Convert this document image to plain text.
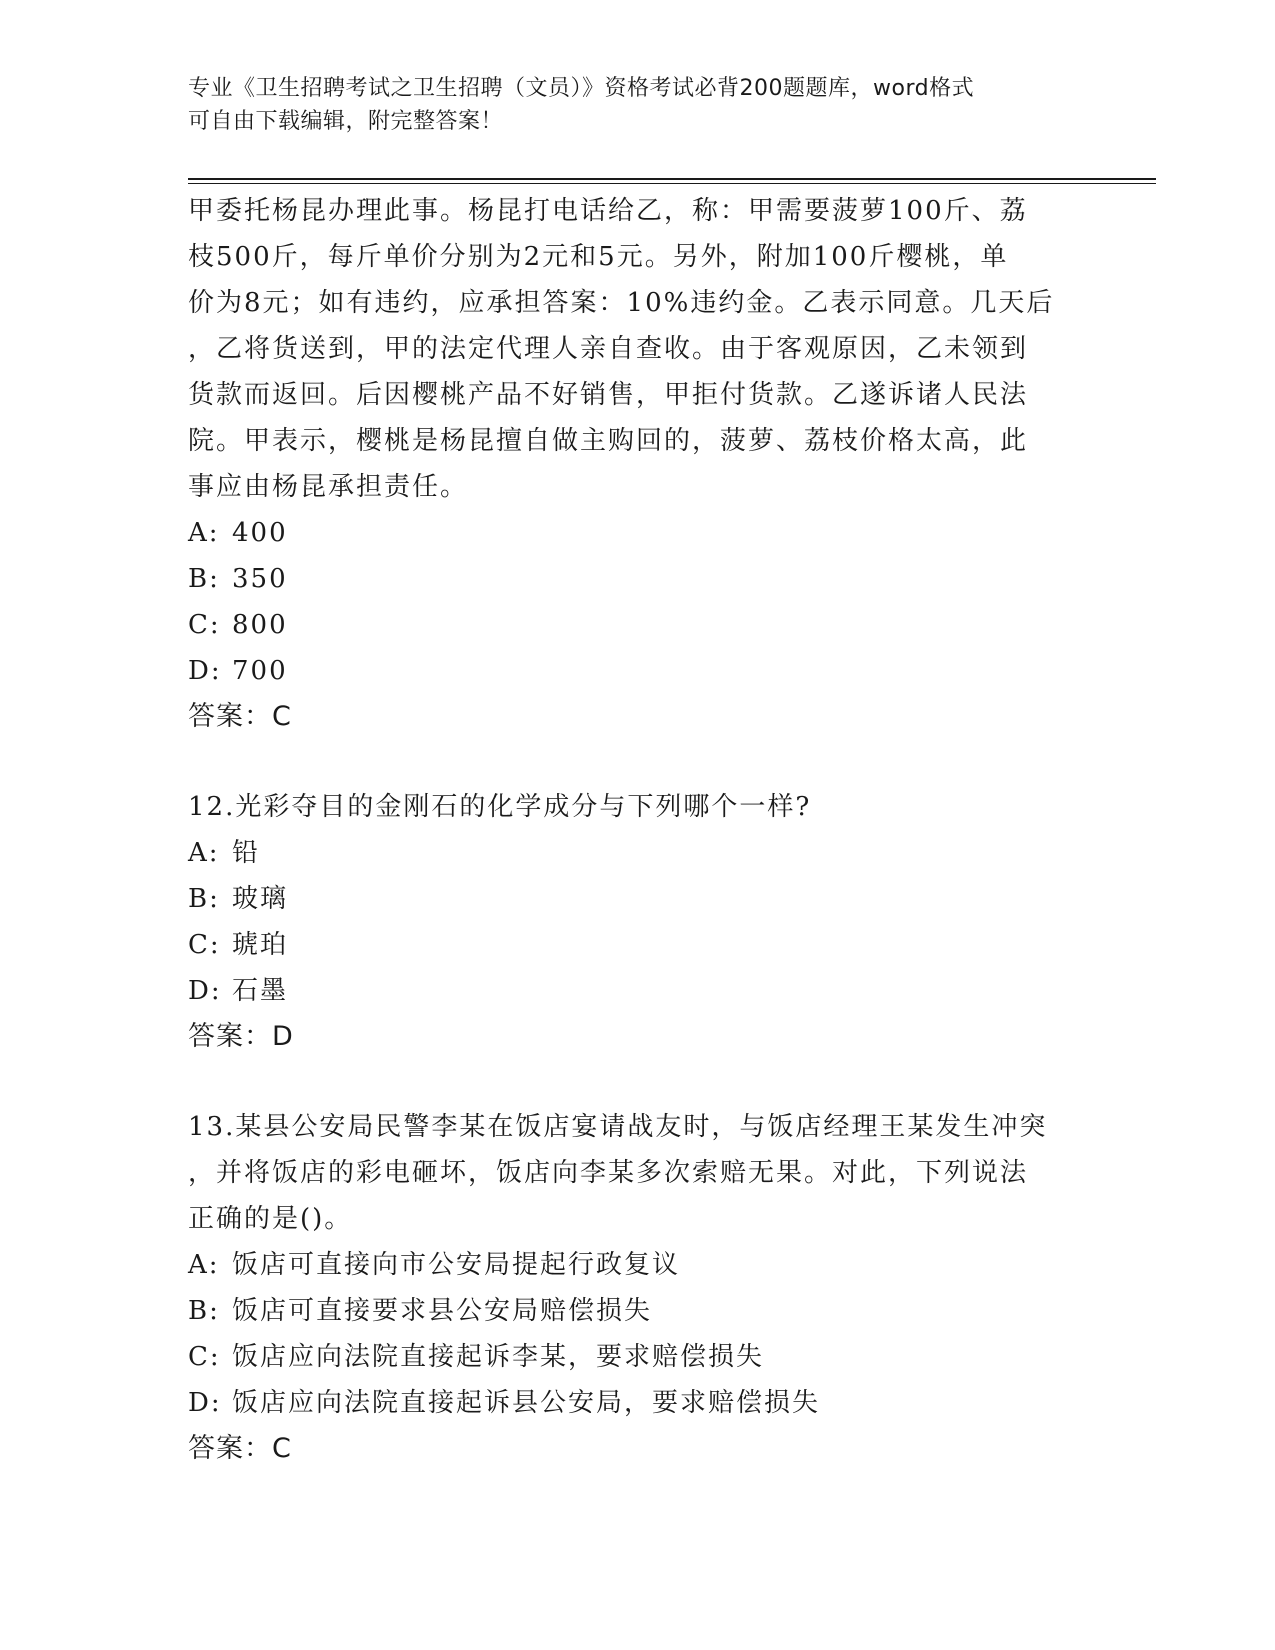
专业《卫生招聘考试之卫生招聘（文员）》资格考试必背200题题库，word格式
可自由下载编辑，附完整答案！
甲委托杨昆办理此事。杨昆打电话给乙，称：甲需要菠萝100斤、荔
枝500斤，每斤单价分别为2元和5元。另外，附加100斤樱桃，单
价为8元；如有违约，应承担答案：10%违约金。乙表示同意。几天后
，乙将货送到，甲的法定代理人亲自查收。由于客观原因，乙未领到
货款而返回。后因樱桃产品不好销售，甲拒付货款。乙遂诉诸人民法
院。甲表示，樱桃是杨昆擅自做主购回的，菠萝、荔枝价格太高，此
事应由杨昆承担责任。
A: 400
B: 350
C: 800
D: 700
答案：C
12.光彩夺目的金刚石的化学成分与下列哪个一样?
A: 铅
B: 玻璃
C: 琥珀
D: 石墨
答案：D
13.某县公安局民警李某在饭店宴请战友时，与饭店经理王某发生冲突
，并将饭店的彩电砸坏，饭店向李某多次索赔无果。对此，下列说法
正确的是()。
A: 饭店可直接向市公安局提起行政复议
B: 饭店可直接要求县公安局赔偿损失
C: 饭店应向法院直接起诉李某，要求赔偿损失
D: 饭店应向法院直接起诉县公安局，要求赔偿损失
答案：C
